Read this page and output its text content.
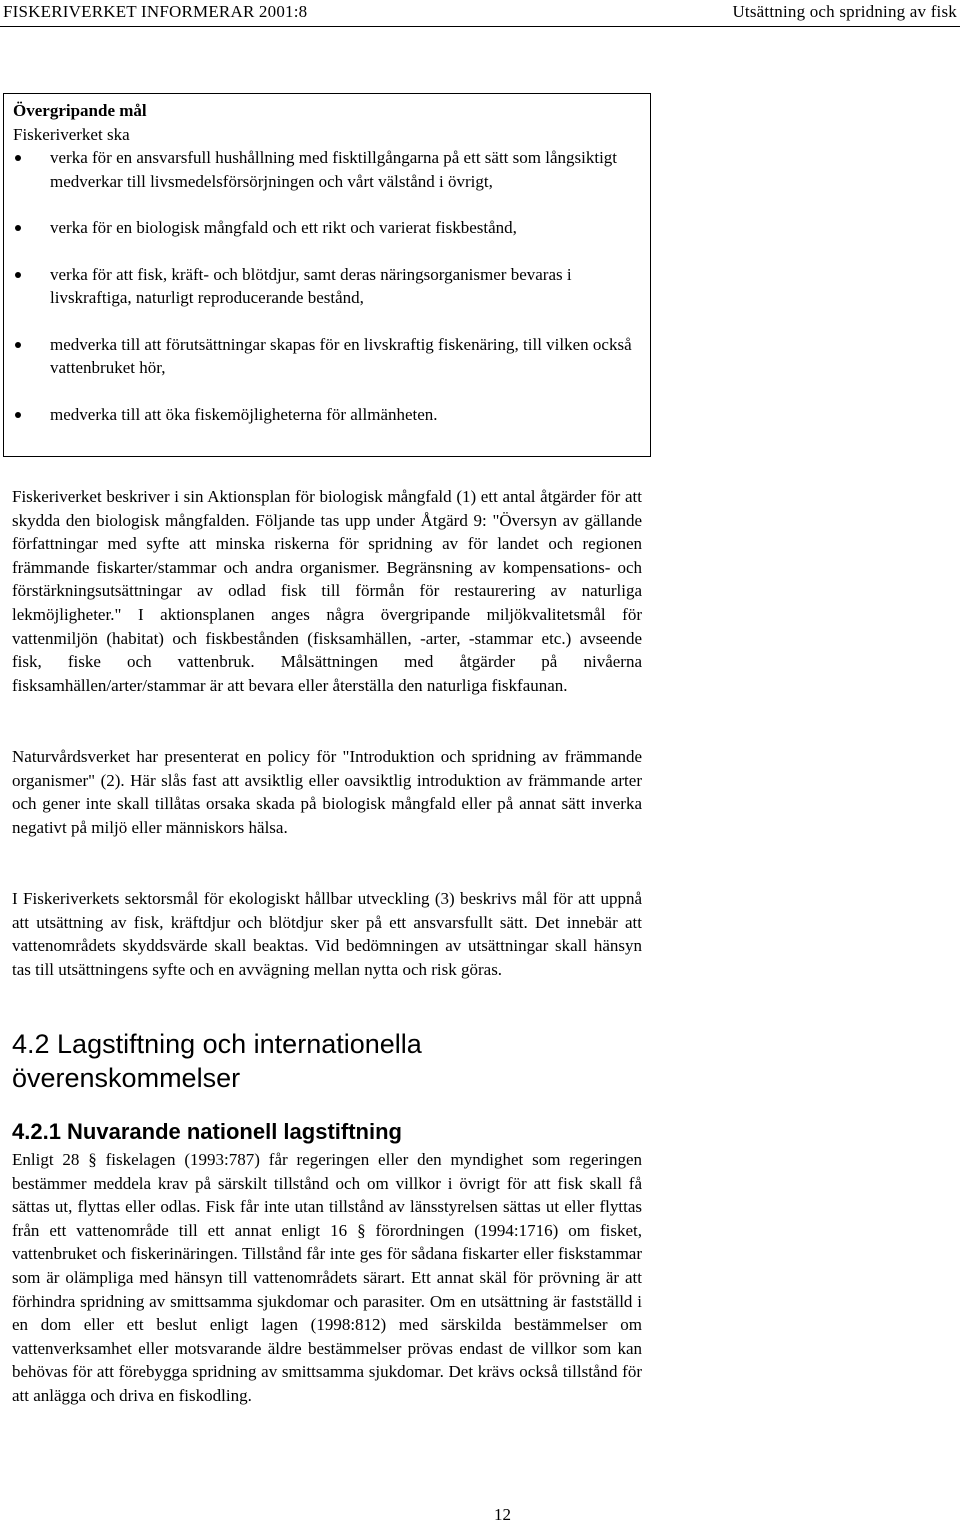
FISKERIVERKET INFORMERAR 2001:8	Utsättning och spridning av fisk
Övergripande mål
Fiskeriverket ska
verka för en ansvarsfull hushållning med fisktillgångarna på ett sätt som långsiktigt medverkar till livsmedelsförsörjningen och vårt välstånd i övrigt,
verka för en biologisk mångfald och ett rikt och varierat fiskbestånd,
verka för att fisk, kräft- och blötdjur, samt deras näringsorganismer bevaras i livskraftiga, naturligt reproducerande bestånd,
medverka till att förutsättningar skapas för en livskraftig fiskenäring, till vilken också vattenbruket hör,
medverka till att öka fiskemöjligheterna för allmänheten.

Fiskeriverket beskriver i sin Aktionsplan för biologisk mångfald (1) ett antal åtgärder för att skydda den biologisk mångfalden. Följande tas upp under Åtgärd 9: "Översyn av gällande författningar med syfte att minska riskerna för spridning av för landet och regionen främmande fiskarter/stammar och andra organismer. Begränsning av kompensations- och förstärkningsutsättningar av odlad fisk till förmån för restaurering av naturliga lekmöjligheter." I aktionsplanen anges några övergripande miljökvalitetsmål för vattenmiljön (habitat) och fiskbestånden (fisksamhällen, -arter, -stammar etc.) avseende fisk, fiske och vattenbruk. Målsättningen med åtgärder på nivåerna fisksamhällen/arter/stammar är att bevara eller återställa den naturliga fiskfaunan.

Naturvårdsverket har presenterat en policy för "Introduktion och spridning av främmande organismer" (2). Här slås fast att avsiktlig eller oavsiktlig introduktion av främmande arter och gener inte skall tillåtas orsaka skada på biologisk mångfald eller på annat sätt inverka negativt på miljö eller människors hälsa.

I Fiskeriverkets sektorsmål för ekologiskt hållbar utveckling (3) beskrivs mål för att uppnå att utsättning av fisk, kräftdjur och blötdjur sker på ett ansvarsfullt sätt. Det innebär att vattenområdets skyddsvärde skall beaktas. Vid bedömningen av utsättningar skall hänsyn tas till utsättningens syfte och en avvägning mellan nytta och risk göras.

4.2 Lagstiftning och internationella överenskommelser
4.2.1 Nuvarande nationell lagstiftning

Enligt 28 § fiskelagen (1993:787) får regeringen eller den myndighet som regeringen bestämmer meddela krav på särskilt tillstånd och om villkor i övrigt för att fisk skall få sättas ut, flyttas eller odlas. Fisk får inte utan tillstånd av länsstyrelsen sättas ut eller flyttas från ett vattenområde till ett annat enligt 16 § förordningen (1994:1716) om fisket, vattenbruket och fiskerinäringen. Tillstånd får inte ges för sådana fiskarter eller fiskstammar som är olämpliga med hänsyn till vattenområdets särart. Ett annat skäl för prövning är att förhindra spridning av smittsamma sjukdomar och parasiter. Om en utsättning är fastställd i en dom eller ett beslut enligt lagen (1998:812) med särskilda bestämmelser om vattenverksamhet eller motsvarande äldre bestämmelser prövas endast de villkor som kan behövas för att förebygga spridning av smittsamma sjukdomar. Det krävs också tillstånd för att anlägga och driva en fiskodling.

12
